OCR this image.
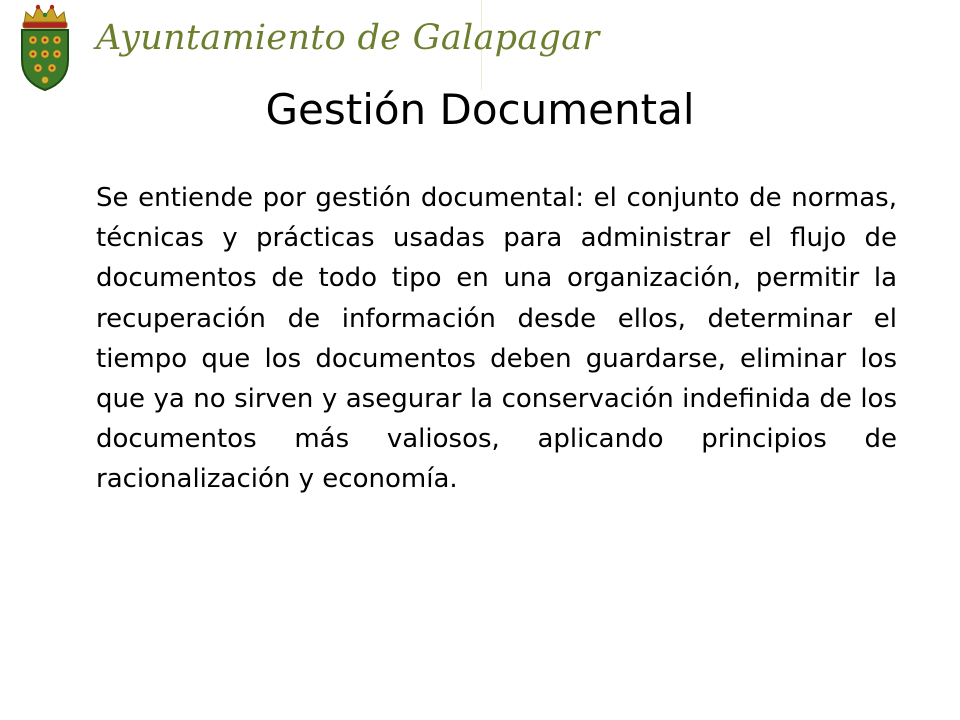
Ayuntamiento de Galapagar
Gestión Documental
Se entiende por gestión documental: el conjunto de normas, técnicas y prácticas usadas para administrar el flujo de documentos de todo tipo en una organización, permitir la recuperación de información desde ellos, determinar el tiempo que los documentos deben guardarse, eliminar los que ya no sirven y asegurar la conservación indefinida de los documentos más valiosos, aplicando principios de racionalización y economía.
